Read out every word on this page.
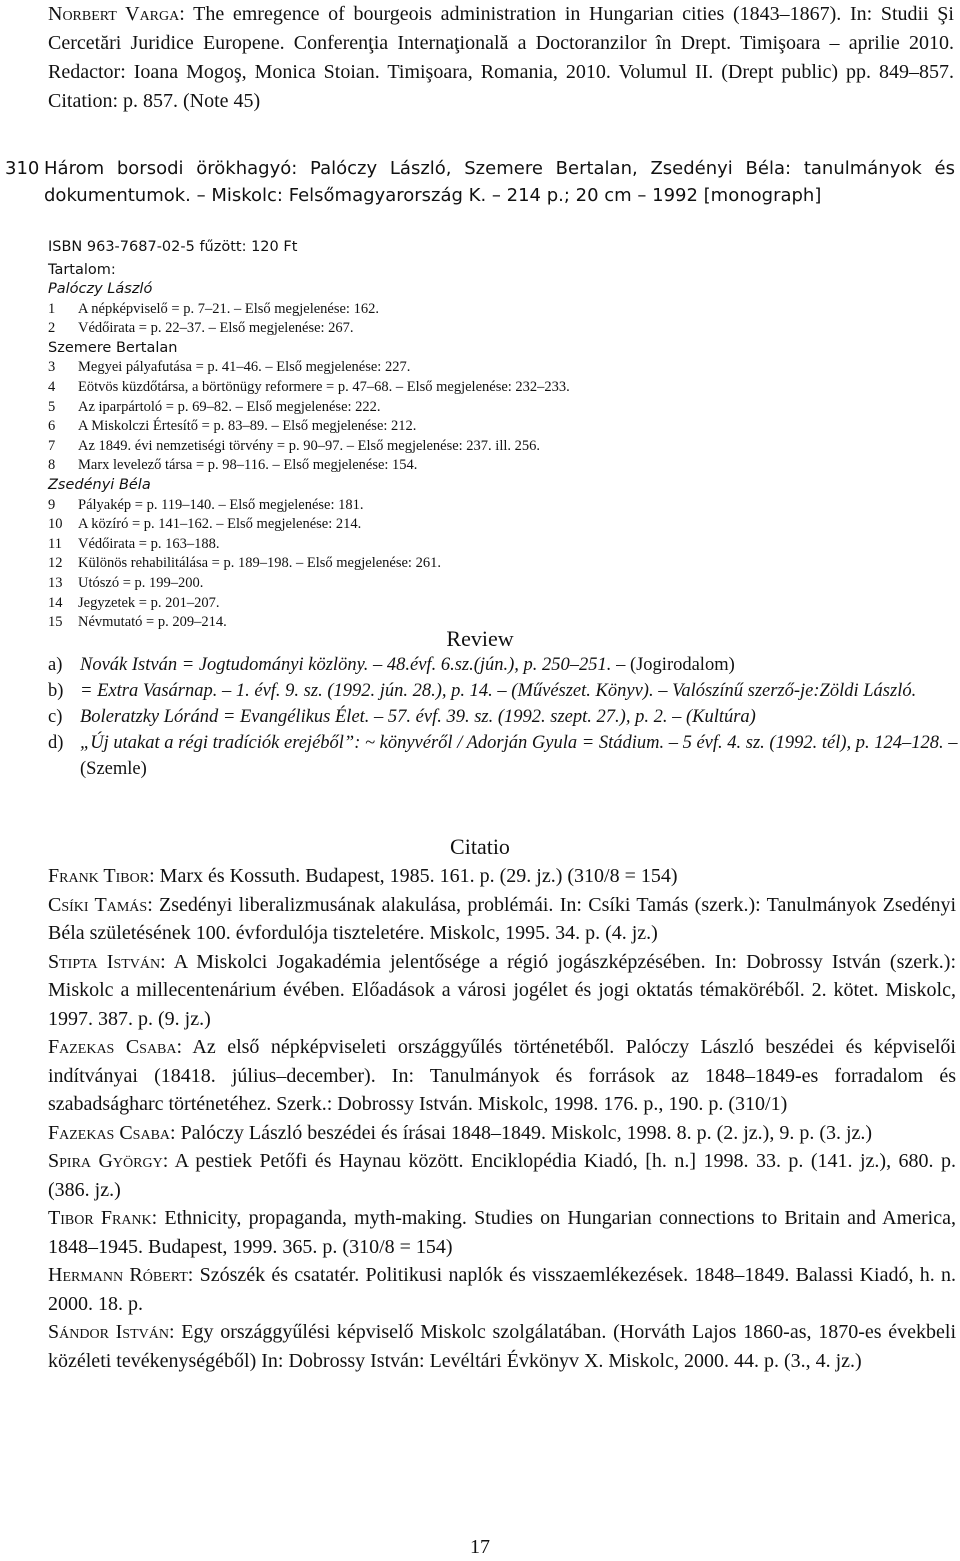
Norbert Varga: The emregence of bourgeois administration in Hungarian cities (1843–1867). In: Studii Şi Cercetări Juridice Europene. Conferenţia Internaţională a Doctoranzilor în Drept. Timişoara – aprilie 2010. Redactor: Ioana Mogoş, Monica Stoian. Timişoara, Romania, 2010. Volumul II. (Drept public) pp. 849–857. Citation: p. 857. (Note 45)

310 Három borsodi örökhagyó: Palóczy László, Szemere Bertalan, Zsedényi Béla: tanulmányok és dokumentumok. – Miskolc: Felsőmagyarország K. – 214 p.; 20 cm – 1992 [monograph]
ISBN 963-7687-02-5 fűzött: 120 Ft
Tartalom:
Palóczy László
1 A népképviselő = p. 7–21. – Első megjelenése: 162.
2 Védőirata = p. 22–37. – Első megjelenése: 267.
Szemere Bertalan
3 Megyei pályafutása = p. 41–46. – Első megjelenése: 227.
4 Eötvös küzdőtársa, a börtönügy reformere = p. 47–68. – Első megjelenése: 232–233.
5 Az iparpártoló = p. 69–82. – Első megjelenése: 222.
6 A Miskolczi Értesítő = p. 83–89. – Első megjelenése: 212.
7 Az 1849. évi nemzetiségi törvény = p. 90–97. – Első megjelenése: 237. ill. 256.
8 Marx levelező társa = p. 98–116. – Első megjelenése: 154.
Zsedényi Béla
9 Pályakép = p. 119–140. – Első megjelenése: 181.
10 A közíró = p. 141–162. – Első megjelenése: 214.
11 Védőirata = p. 163–188.
12 Különös rehabilitálása = p. 189–198. – Első megjelenése: 261.
13 Utószó = p. 199–200.
14 Jegyzetek = p. 201–207.
15 Névmutató = p. 209–214.
Review
a) Novák István = Jogtudományi közlöny. – 48.évf. 6.sz.(jún.), p. 250–251. – (Jogirodalom)
b) = Extra Vasárnap. – 1. évf. 9. sz. (1992. jún. 28.), p. 14. – (Művészet. Könyv). – Valószínű szerző-je:Zöldi László.
c) Boleratzky Lóránd = Evangélikus Élet. – 57. évf. 39. sz. (1992. szept. 27.), p. 2. – (Kultúra)
d) „Új utakat a régi tradíciók erejéből”: ~ könyvéről / Adorján Gyula = Stádium. – 5 évf. 4. sz. (1992. tél), p. 124–128. – (Szemle)
Citatio

Frank Tibor: Marx és Kossuth. Budapest, 1985. 161. p. (29. jz.) (310/8 = 154)

Csíki Tamás: Zsedényi liberalizmusának alakulása, problémái. In: Csíki Tamás (szerk.): Tanulmányok Zsedényi Béla születésének 100. évfordulója tiszteletére. Miskolc, 1995. 34. p. (4. jz.)

Stipta István: A Miskolci Jogakadémia jelentősége a régió jogászképzésében. In: Dobrossy István (szerk.): Miskolc a millecentenárium évében. Előadások a városi jogélet és jogi oktatás témaköréből. 2. kötet. Miskolc, 1997. 387. p. (9. jz.)

Fazekas Csaba: Az első népképviseleti országgyűlés történetéből. Palóczy László beszédei és képviselői indítványai (18418. július–december). In: Tanulmányok és források az 1848–1849-es forradalom és szabadságharc történetéhez. Szerk.: Dobrossy István. Miskolc, 1998. 176. p., 190. p. (310/1)

Fazekas Csaba: Palóczy László beszédei és írásai 1848–1849. Miskolc, 1998. 8. p. (2. jz.), 9. p. (3. jz.)

Spira György: A pestiek Petőfi és Haynau között. Enciklopédia Kiadó, [h. n.] 1998. 33. p. (141. jz.), 680. p. (386. jz.)

Tibor Frank: Ethnicity, propaganda, myth-making. Studies on Hungarian connections to Britain and America, 1848–1945. Budapest, 1999. 365. p. (310/8 = 154)

Hermann Róbert: Szószék és csatatér. Politikusi naplók és visszaemlékezések. 1848–1849. Balassi Kiadó, h. n. 2000. 18. p.

Sándor István: Egy országgyűlési képviselő Miskolc szolgálatában. (Horváth Lajos 1860-as, 1870-es évekbeli közéleti tevékenységéből) In: Dobrossy István: Levéltári Évkönyv X. Miskolc, 2000. 44. p. (3., 4. jz.)

17
